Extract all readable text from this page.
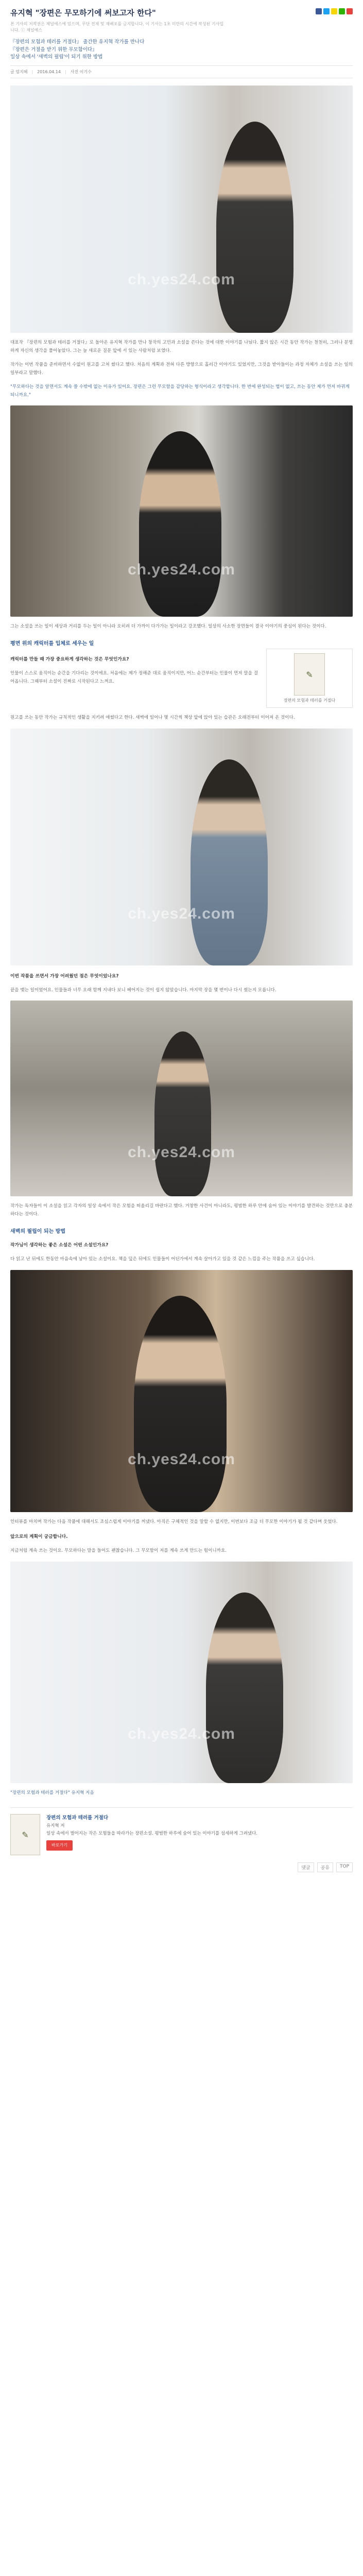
유지혁 "장편은 무모하기에 써보고자 한다"
본 기사의 저작권은 채널예스에 있으며, 무단 전재 및 재배포를 금지합니다. 이 기사는 1초 미만의 시간에 작성된 기사입니다. ⓒ 채널예스
『장편의 모험과 테러를 거절다』 출간한 유지혁 작가를 만나다
『장편은 거절을 받기 위한 무모함이다』
일상 속에서 '새벽의 필립'이 되기 위한 방법
글 엄지혜 | 2016.04.14 | 사진 이기수
ch.yes24.com

대표작 『장편의 모험과 테러를 거절다』로 돌아온 유지혁 작가를 만나 창작의 고민과 소설을 쓴다는 것에 대한 이야기를 나눴다. 짧지 않은 시간 동안 작가는 천천히, 그러나 분명하게 자신의 생각을 풀어놓았다. 그는 늘 새로운 질문 앞에 서 있는 사람처럼 보였다.

작가는 이번 작품을 준비하면서 수없이 원고를 고쳐 썼다고 했다. 처음의 계획과 전혀 다른 방향으로 흘러간 이야기도 있었지만, 그것을 받아들이는 과정 자체가 소설을 쓰는 일의 일부라고 말했다.

"무모하다는 것을 알면서도 계속 쓸 수밖에 없는 이유가 있어요. 장편은 그런 무모함을 감당하는 형식이라고 생각합니다. 한 번에 완성되는 법이 없고, 쓰는 동안 제가 먼저 바뀌게 되니까요."

ch.yes24.com

그는 소설을 쓰는 일이 세상과 거리를 두는 일이 아니라 오히려 더 가까이 다가가는 일이라고 강조했다. 일상의 사소한 장면들이 결국 이야기의 중심이 된다는 것이다.

평면 위의 캐릭터를 입체로 세우는 일

캐릭터를 만들 때 가장 중요하게 생각하는 것은 무엇인가요?

인물이 스스로 움직이는 순간을 기다리는 것이에요. 처음에는 제가 정해준 대로 움직이지만, 어느 순간부터는 인물이 먼저 말을 걸어옵니다. 그때부터 소설이 진짜로 시작된다고 느껴요.

✎
장편의 모험과 테러를 거절다

원고를 쓰는 동안 작가는 규칙적인 생활을 지키려 애썼다고 한다. 새벽에 일어나 몇 시간씩 책상 앞에 앉아 있는 습관은 오래전부터 이어져 온 것이다.

ch.yes24.com

이번 작품을 쓰면서 가장 어려웠던 점은 무엇이었나요?

끝을 맺는 일이었어요. 인물들과 너무 오래 함께 지내다 보니 헤어지는 것이 쉽지 않았습니다. 마지막 장을 몇 번이나 다시 썼는지 모릅니다.

ch.yes24.com

작가는 독자들이 이 소설을 읽고 각자의 일상 속에서 작은 모험을 떠올리길 바란다고 했다. 거창한 사건이 아니라도, 평범한 하루 안에 숨어 있는 이야기를 발견하는 것만으로 충분하다는 것이다.

새벽의 필립이 되는 방법

작가님이 생각하는 좋은 소설은 어떤 소설인가요?

다 읽고 난 뒤에도 한동안 마음속에 남아 있는 소설이요. 책을 덮은 뒤에도 인물들이 어딘가에서 계속 살아가고 있을 것 같은 느낌을 주는 작품을 쓰고 싶습니다.

ch.yes24.com

인터뷰를 마치며 작가는 다음 작품에 대해서도 조심스럽게 이야기를 꺼냈다. 아직은 구체적인 것을 말할 수 없지만, 이번보다 조금 더 무모한 이야기가 될 것 같다며 웃었다.

앞으로의 계획이 궁금합니다.

지금처럼 계속 쓰는 것이요. 무모하다는 말을 들어도 괜찮습니다. 그 무모함이 저를 계속 쓰게 만드는 힘이니까요.

ch.yes24.com

"장편의 모험과 테러를 거절다" 유지혁 지음

✎
장편의 모험과 테러를 거절다
유지혁 저
일상 속에서 벌어지는 작은 모험들을 따라가는 장편소설. 평범한 하루에 숨어 있는 이야기를 섬세하게 그려냈다.
바로가기
댓글	공유	TOP
